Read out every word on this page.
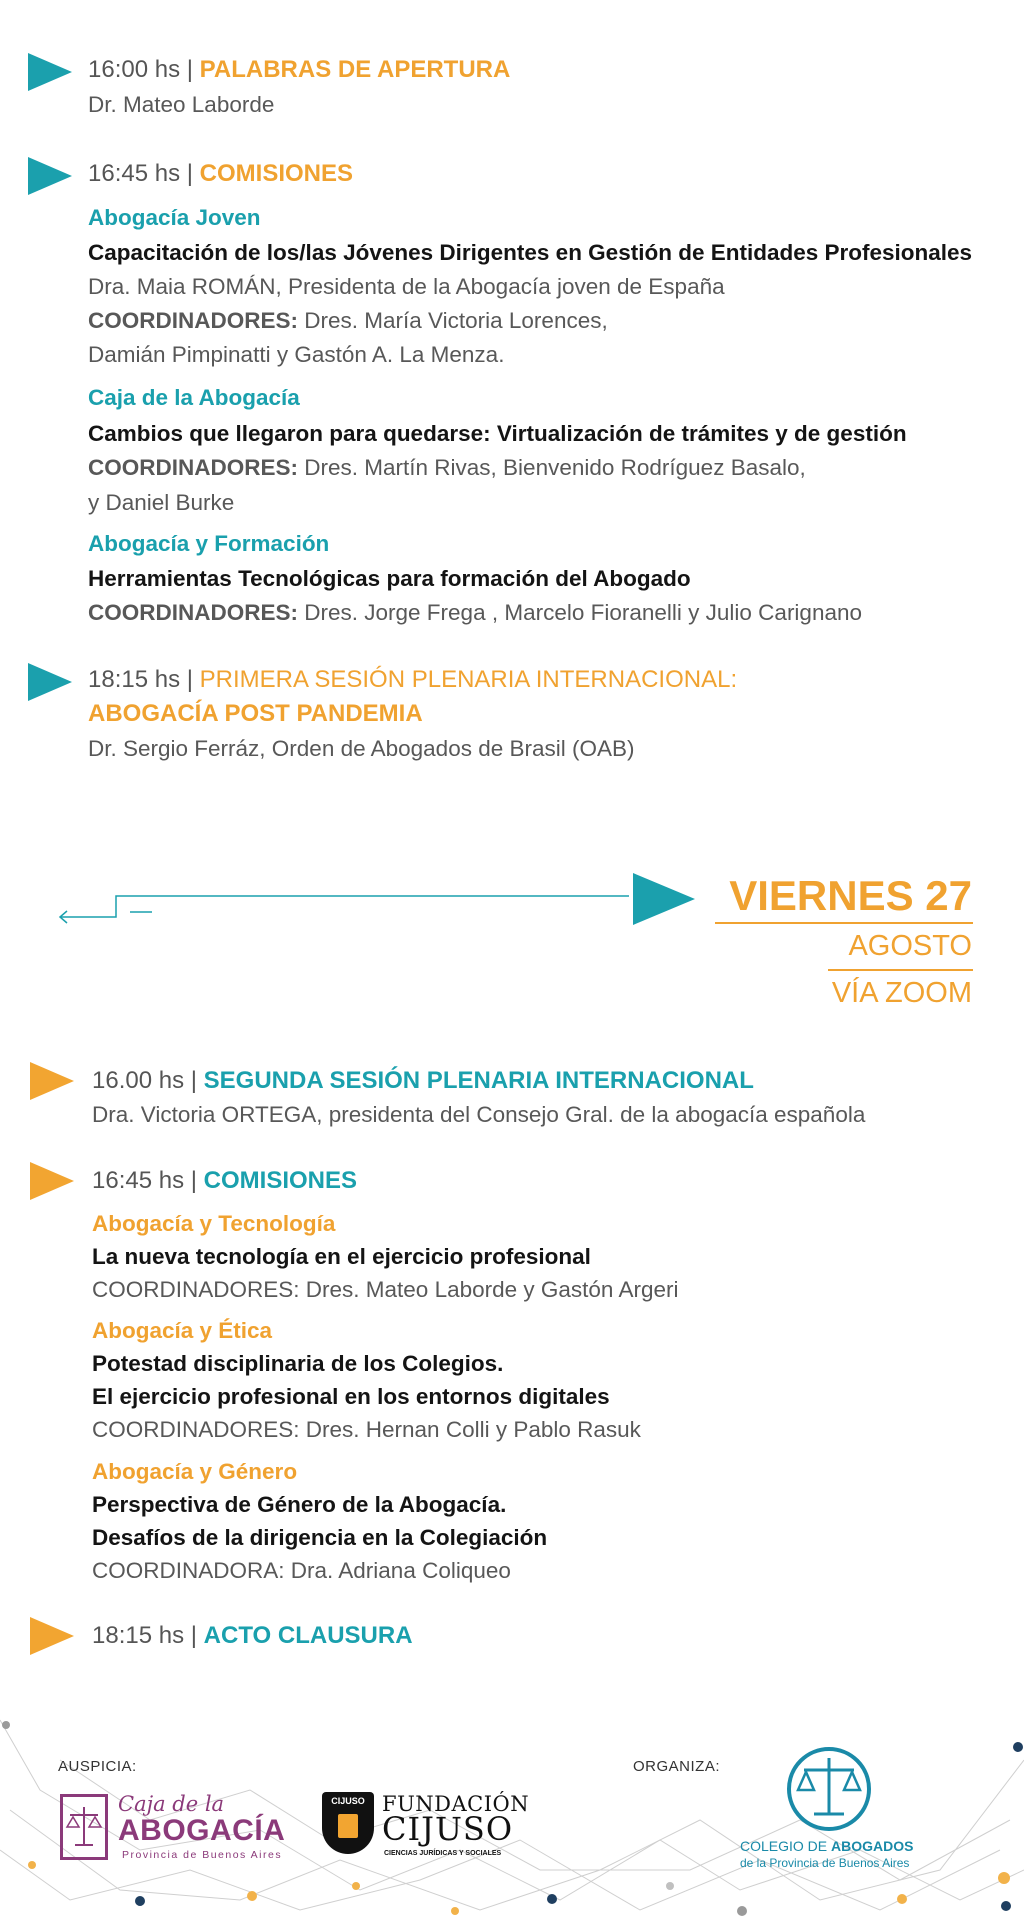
16:00 hs | PALABRAS DE APERTURA
Dr. Mateo Laborde
16:45 hs | COMISIONES
Abogacía Joven
Capacitación de los/las Jóvenes Dirigentes en Gestión de Entidades Profesionales
Dra. Maia ROMÁN, Presidenta de la Abogacía joven de España
COORDINADORES: Dres. María Victoria Lorences,
Damián Pimpinatti y Gastón A. La Menza.
Caja de la Abogacía
Cambios que llegaron para quedarse: Virtualización de trámites y de gestión
COORDINADORES: Dres. Martín Rivas, Bienvenido Rodríguez Basalo,
y Daniel Burke
Abogacía y Formación
Herramientas Tecnológicas para formación del Abogado
COORDINADORES: Dres. Jorge Frega , Marcelo Fioranelli y Julio Carignano
18:15 hs | PRIMERA SESIÓN PLENARIA INTERNACIONAL:
ABOGACÍA POST PANDEMIA
Dr. Sergio Ferráz, Orden de Abogados de Brasil (OAB)
VIERNES 27
AGOSTO
VÍA ZOOM
16.00 hs | SEGUNDA SESIÓN PLENARIA INTERNACIONAL
Dra. Victoria ORTEGA, presidenta del Consejo Gral. de la abogacía española
16:45 hs | COMISIONES
Abogacía y Tecnología
La nueva tecnología en el ejercicio profesional
COORDINADORES: Dres. Mateo Laborde y Gastón Argeri
Abogacía y Ética
Potestad disciplinaria de los Colegios.
El ejercicio profesional en los entornos digitales
COORDINADORES: Dres. Hernan Colli y Pablo Rasuk
Abogacía y Género
Perspectiva de Género de la Abogacía.
Desafíos de la dirigencia en la Colegiación
COORDINADORA: Dra. Adriana Coliqueo
18:15 hs | ACTO CLAUSURA
AUSPICIA:	ORGANIZA:
Caja de la
ABOGACÍA
Provincia de Buenos Aires
CIJUSO FUNDACIÓN
CIJUSO
CIENCIAS JURÍDICAS Y SOCIALES	COLEGIO DE ABOGADOS
de la Provincia de Buenos Aires
